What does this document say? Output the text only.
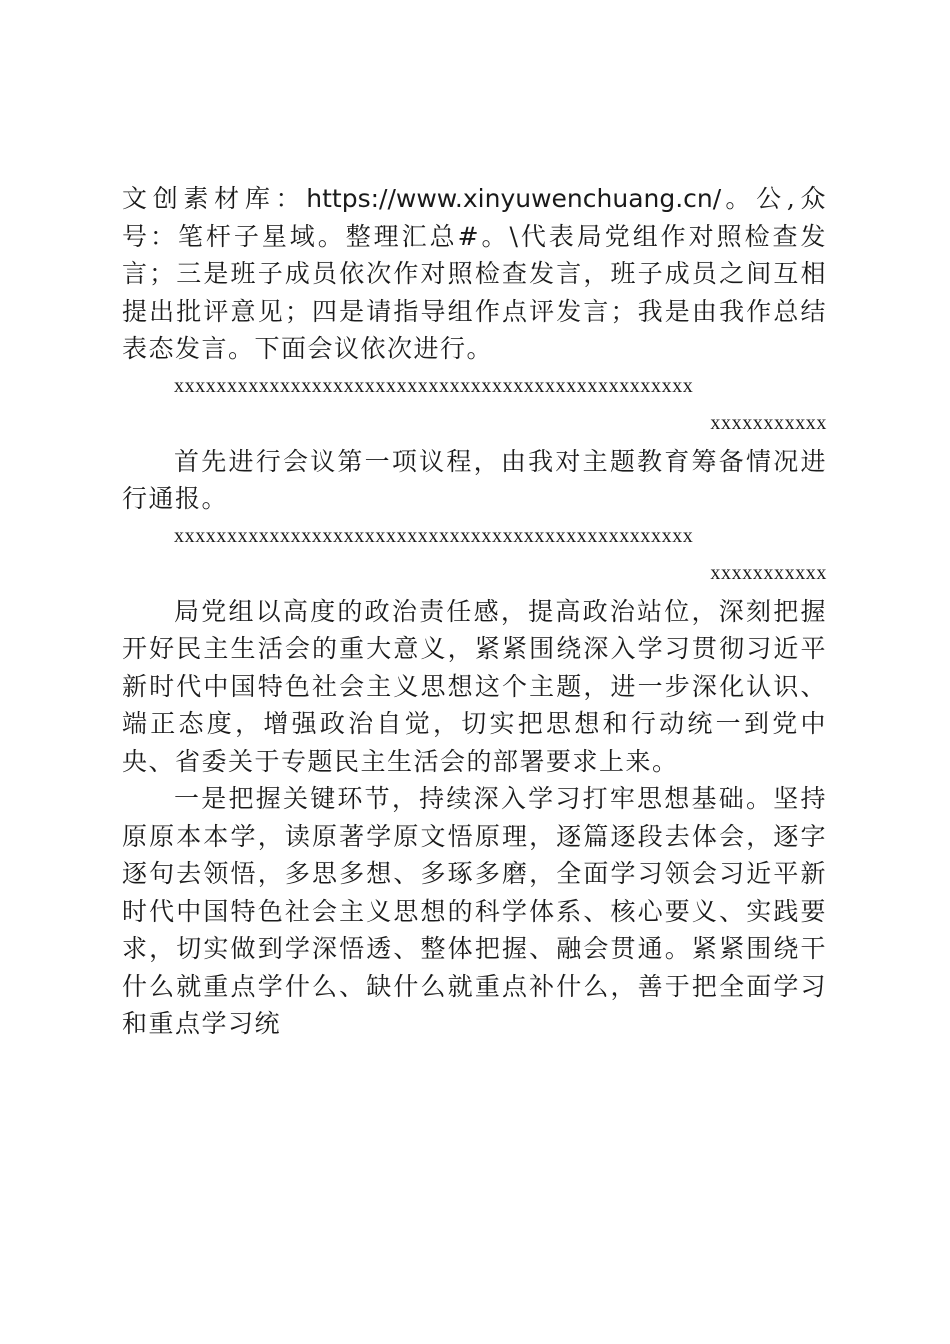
文创素材库：https://www.xinyuwenchuang.cn/。公,众号：笔杆子星域。整理汇总#。\代表局党组作对照检查发言；三是班子成员依次作对照检查发言，班子成员之间互相提出批评意见；四是请指导组作点评发言；我是由我作总结表态发言。下面会议依次进行。

xxxxxxxxxxxxxxxxxxxxxxxxxxxxxxxxxxxxxxxxxxxxxxxxx

xxxxxxxxxxx

首先进行会议第一项议程，由我对主题教育筹备情况进行通报。

xxxxxxxxxxxxxxxxxxxxxxxxxxxxxxxxxxxxxxxxxxxxxxxxx

xxxxxxxxxxx

局党组以高度的政治责任感，提高政治站位，深刻把握开好民主生活会的重大意义，紧紧围绕深入学习贯彻习近平新时代中国特色社会主义思想这个主题，进一步深化认识、端正态度，增强政治自觉，切实把思想和行动统一到党中央、省委关于专题民主生活会的部署要求上来。

一是把握关键环节，持续深入学习打牢思想基础。坚持原原本本学，读原著学原文悟原理，逐篇逐段去体会，逐字逐句去领悟，多思多想、多琢多磨，全面学习领会习近平新时代中国特色社会主义思想的科学体系、核心要义、实践要求，切实做到学深悟透、整体把握、融会贯通。紧紧围绕干什么就重点学什么、缺什么就重点补什么，善于把全面学习和重点学习统
